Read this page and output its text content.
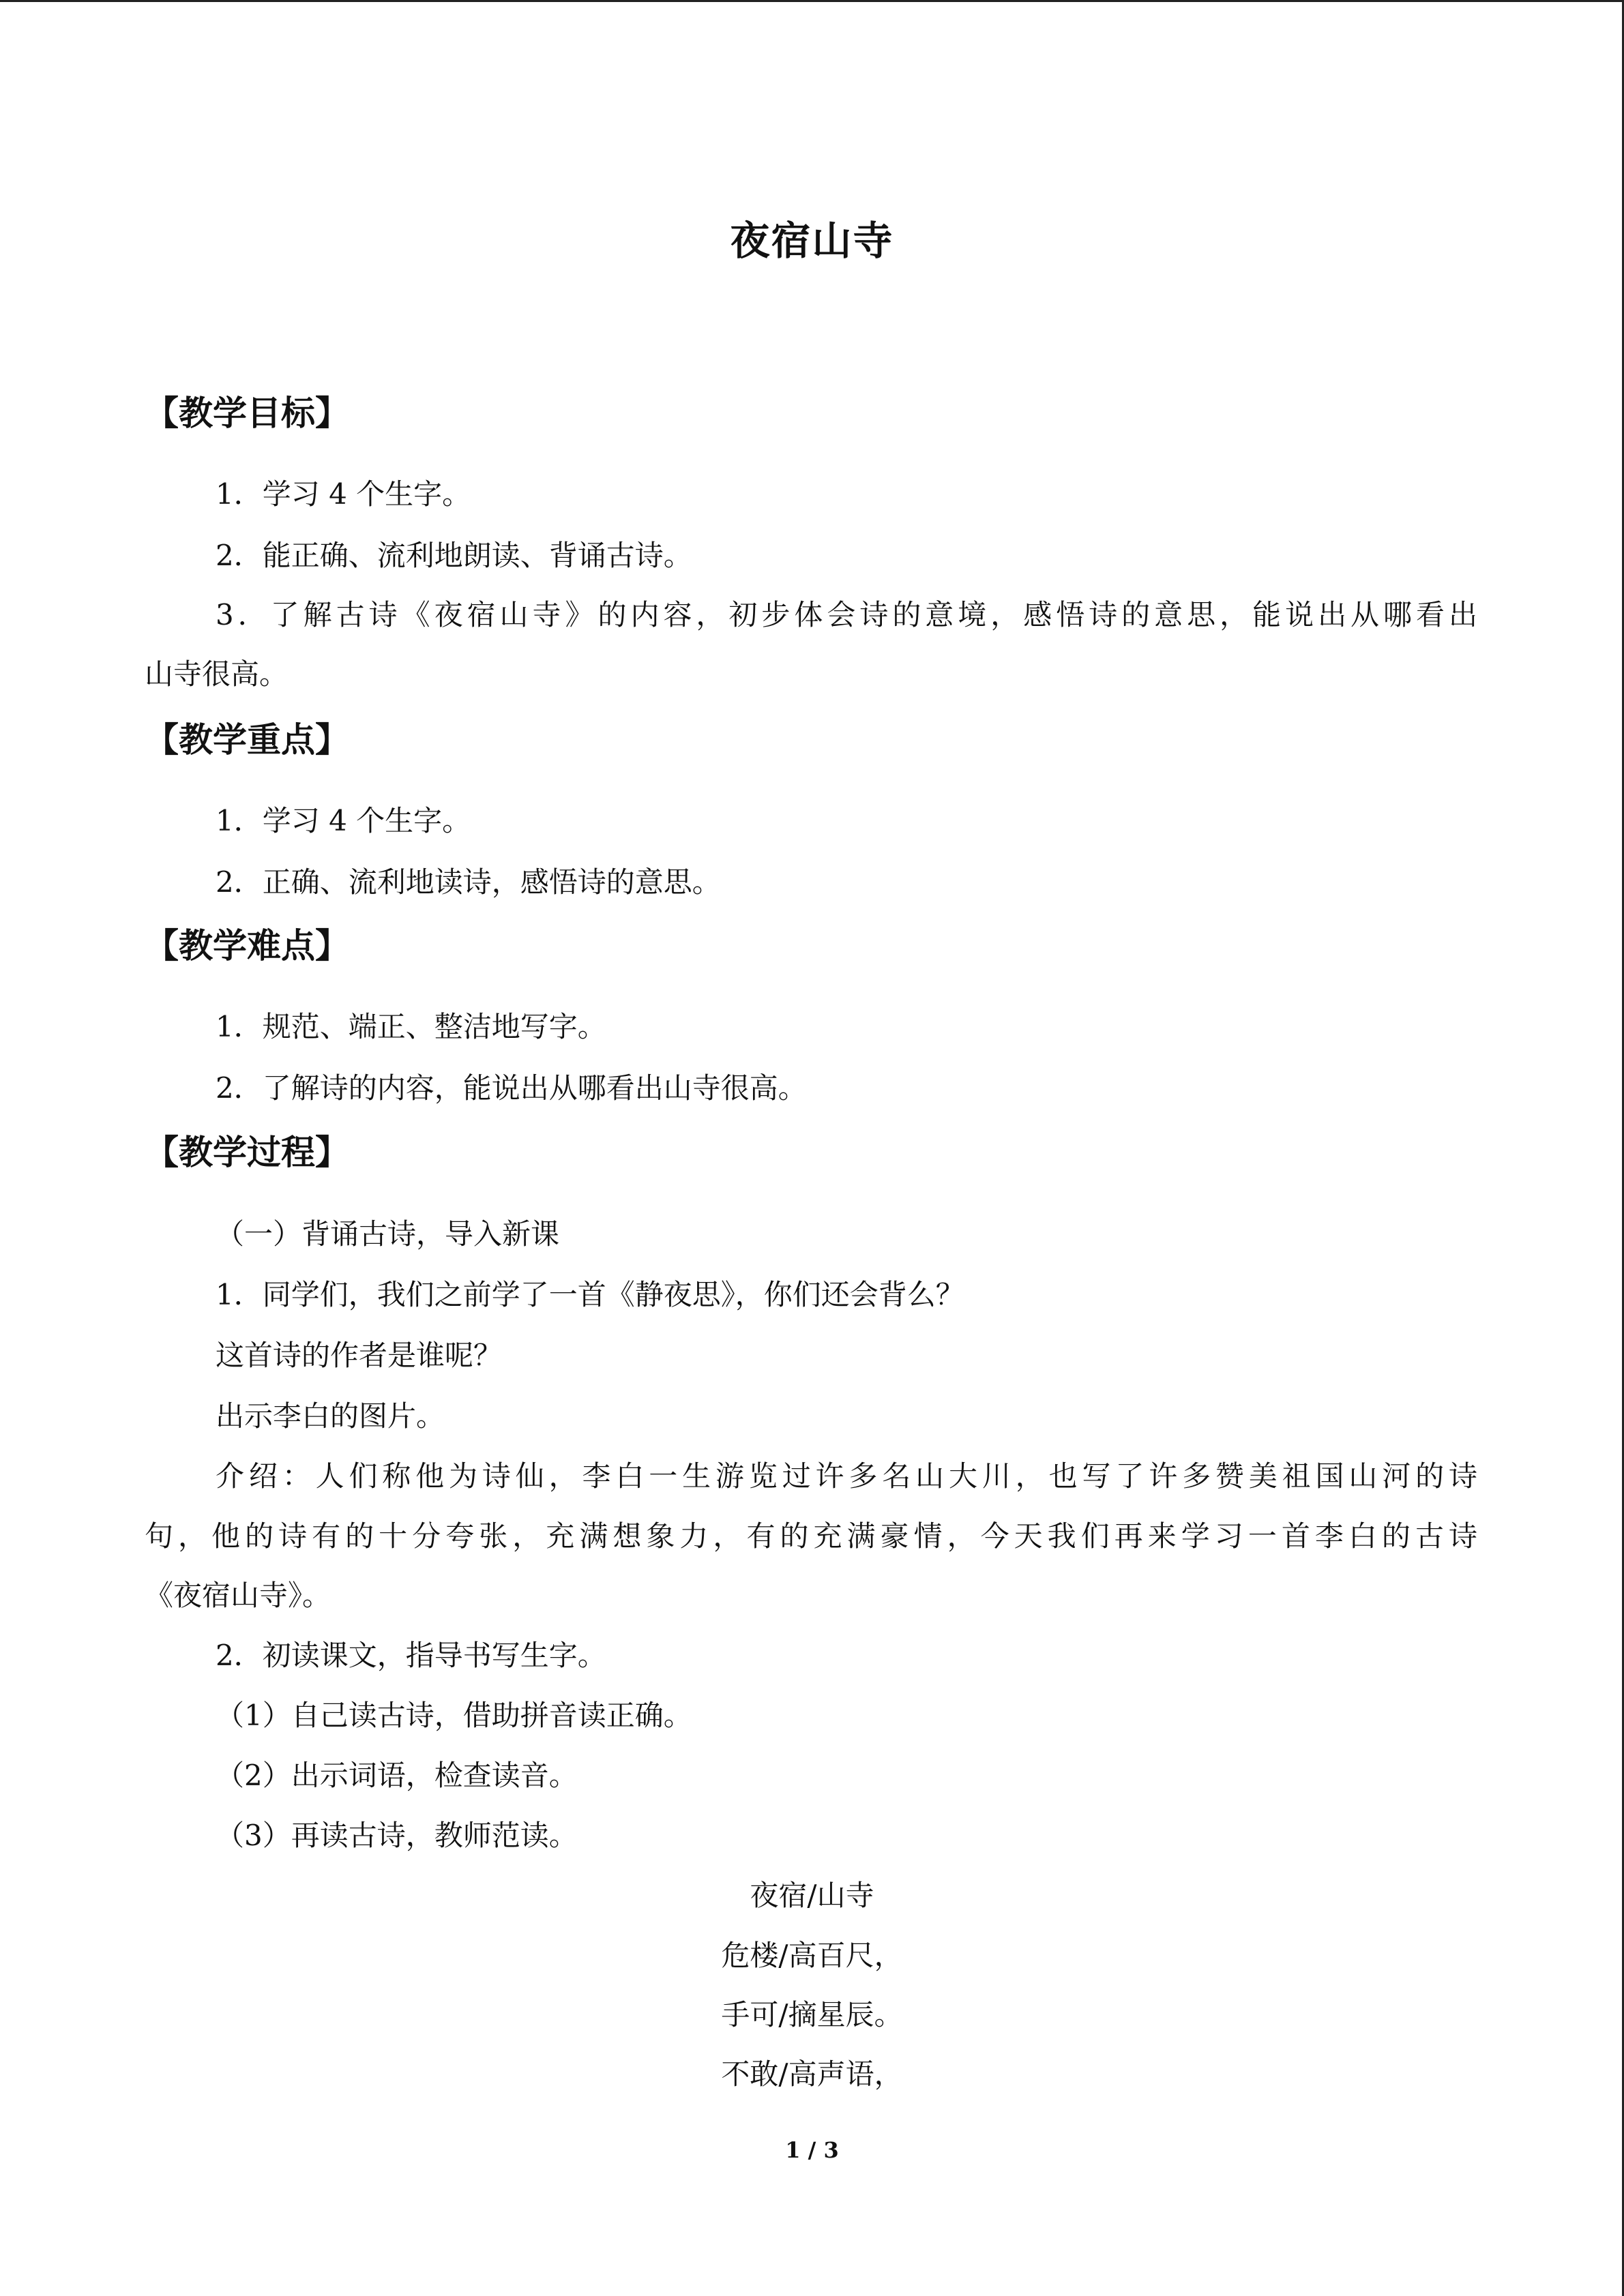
夜宿山寺
【教学目标】
1．学习 4 个生字。
2．能正确、流利地朗读、背诵古诗。
3．了解古诗《夜宿山寺》的内容，初步体会诗的意境，感悟诗的意思，能说出从哪看出
山寺很高。
【教学重点】
1．学习 4 个生字。
2．正确、流利地读诗，感悟诗的意思。
【教学难点】
1．规范、端正、整洁地写字。
2．了解诗的内容，能说出从哪看出山寺很高。
【教学过程】
（一）背诵古诗，导入新课
1．同学们，我们之前学了一首《静夜思》，你们还会背么？
这首诗的作者是谁呢？
出示李白的图片。
介绍：人们称他为诗仙，李白一生游览过许多名山大川，也写了许多赞美祖国山河的诗
句，他的诗有的十分夸张，充满想象力，有的充满豪情，今天我们再来学习一首李白的古诗
《夜宿山寺》。
2．初读课文，指导书写生字。
（1）自己读古诗，借助拼音读正确。
（2）出示词语，检查读音。
（3）再读古诗，教师范读。
夜宿/山寺
危楼/高百尺，
手可/摘星辰。
不敢/高声语，
1 / 3
